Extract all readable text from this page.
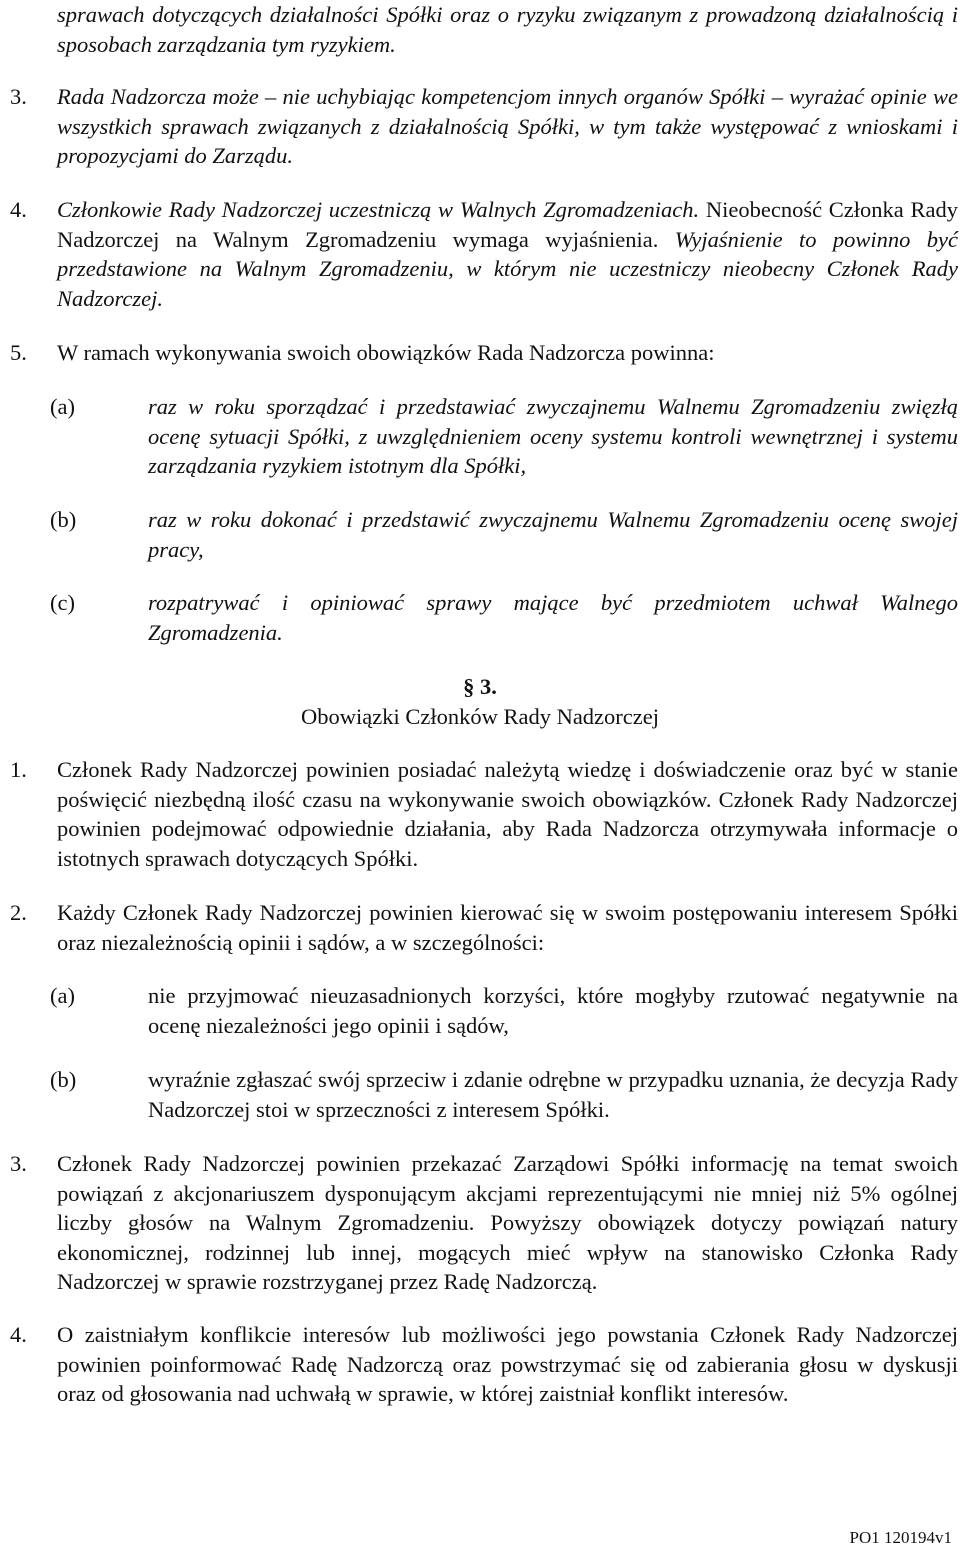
sprawach dotyczących działalności Spółki oraz o ryzyku związanym z prowadzoną działalnością i sposobach zarządzania tym ryzykiem.

3.	Rada Nadzorcza może – nie uchybiając kompetencjom innych organów Spółki – wyrażać opinie we wszystkich sprawach związanych z działalnością Spółki, w tym także występować z wnioskami i propozycjami do Zarządu.
4.	Członkowie Rady Nadzorczej uczestniczą w Walnych Zgromadzeniach. Nieobecność Członka Rady Nadzorczej na Walnym Zgromadzeniu wymaga wyjaśnienia. Wyjaśnienie to powinno być przedstawione na Walnym Zgromadzeniu, w którym nie uczestniczy nieobecny Członek Rady Nadzorczej.
5.	W ramach wykonywania swoich obowiązków Rada Nadzorcza powinna:
(a)	raz w roku sporządzać i przedstawiać zwyczajnemu Walnemu Zgromadzeniu zwięzłą ocenę sytuacji Spółki, z uwzględnieniem oceny systemu kontroli wewnętrznej i systemu zarządzania ryzykiem istotnym dla Spółki,
(b)	raz w roku dokonać i przedstawić zwyczajnemu Walnemu Zgromadzeniu ocenę swojej pracy,
(c)	rozpatrywać i opiniować sprawy mające być przedmiotem uchwał Walnego Zgromadzenia.
§ 3.
Obowiązki Członków Rady Nadzorczej
1.	Członek Rady Nadzorczej powinien posiadać należytą wiedzę i doświadczenie oraz być w stanie poświęcić niezbędną ilość czasu na wykonywanie swoich obowiązków. Członek Rady Nadzorczej powinien podejmować odpowiednie działania, aby Rada Nadzorcza otrzymywała informacje o istotnych sprawach dotyczących Spółki.
2.	Każdy Członek Rady Nadzorczej powinien kierować się w swoim postępowaniu interesem Spółki oraz niezależnością opinii i sądów, a w szczególności:
(a)	nie przyjmować nieuzasadnionych korzyści, które mogłyby rzutować negatywnie na ocenę niezależności jego opinii i sądów,
(b)	wyraźnie zgłaszać swój sprzeciw i zdanie odrębne w przypadku uznania, że decyzja Rady Nadzorczej stoi w sprzeczności z interesem Spółki.
3.	Członek Rady Nadzorczej powinien przekazać Zarządowi Spółki informację na temat swoich powiązań z akcjonariuszem dysponującym akcjami reprezentującymi nie mniej niż 5% ogólnej liczby głosów na Walnym Zgromadzeniu. Powyższy obowiązek dotyczy powiązań natury ekonomicznej, rodzinnej lub innej, mogących mieć wpływ na stanowisko Członka Rady Nadzorczej w sprawie rozstrzyganej przez Radę Nadzorczą.
4.	O zaistniałym konflikcie interesów lub możliwości jego powstania Członek Rady Nadzorczej powinien poinformować Radę Nadzorczą oraz powstrzymać się od zabierania głosu w dyskusji oraz od głosowania nad uchwałą w sprawie, w której zaistniał konflikt interesów.
PO1 120194v1
